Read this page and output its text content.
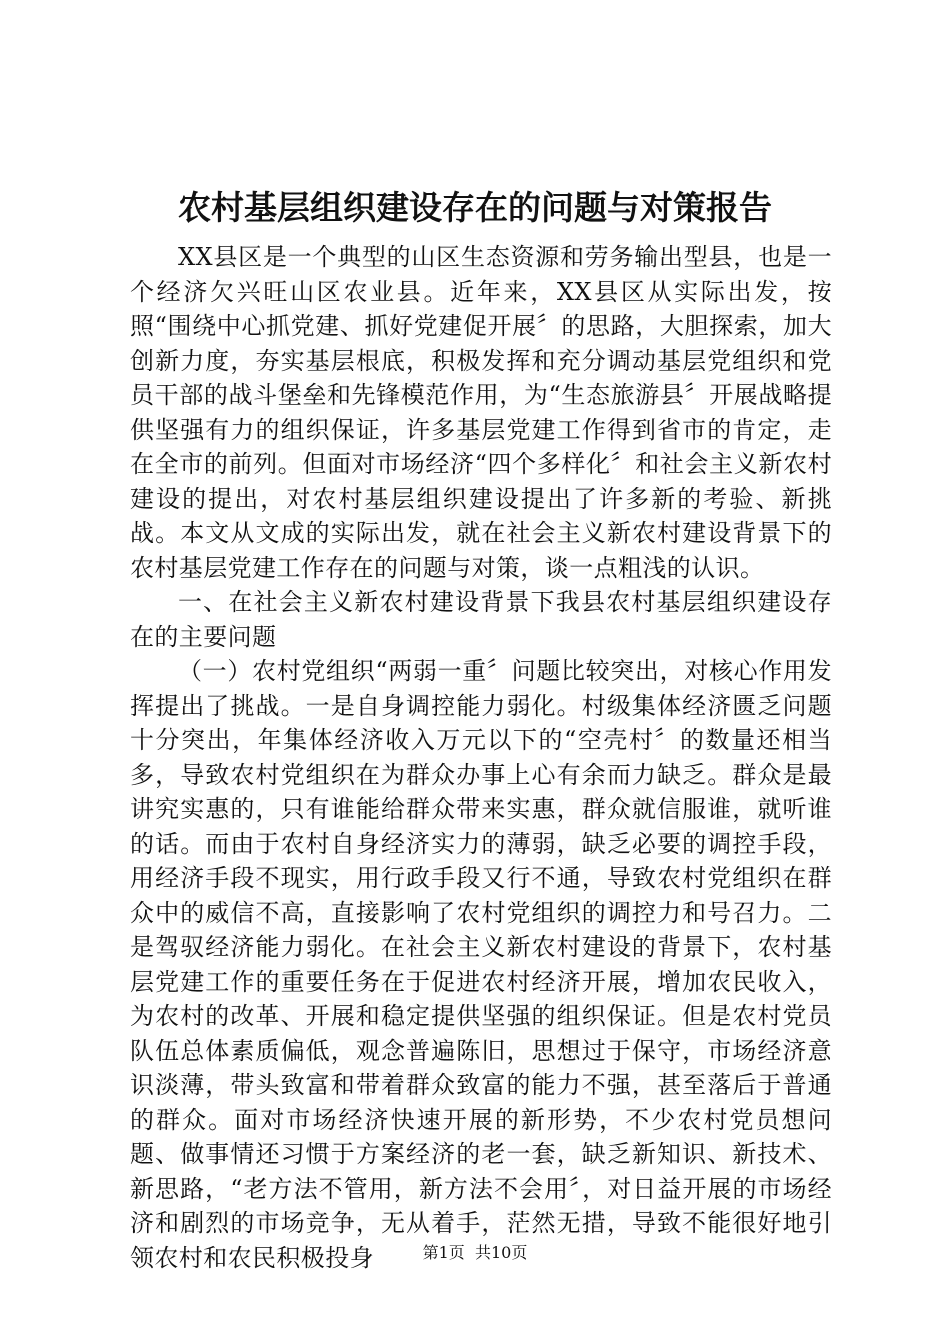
农村基层组织建设存在的问题与对策报告

XX县区是一个典型的山区生态资源和劳务输出型县，也是一个经济欠兴旺山区农业县。近年来，XX县区从实际出发，按照“围绕中心抓党建、抓好党建促开展〞的思路，大胆探索，加大创新力度，夯实基层根底，积极发挥和充分调动基层党组织和党员干部的战斗堡垒和先锋模范作用，为“生态旅游县〞开展战略提供坚强有力的组织保证，许多基层党建工作得到省市的肯定，走在全市的前列。但面对市场经济“四个多样化〞和社会主义新农村建设的提出，对农村基层组织建设提出了许多新的考验、新挑战。本文从文成的实际出发，就在社会主义新农村建设背景下的农村基层党建工作存在的问题与对策，谈一点粗浅的认识。

一、在社会主义新农村建设背景下我县农村基层组织建设存在的主要问题

（一）农村党组织“两弱一重〞问题比较突出，对核心作用发挥提出了挑战。一是自身调控能力弱化。村级集体经济匮乏问题十分突出，年集体经济收入万元以下的“空壳村〞的数量还相当多，导致农村党组织在为群众办事上心有余而力缺乏。群众是最讲究实惠的，只有谁能给群众带来实惠，群众就信服谁，就听谁的话。而由于农村自身经济实力的薄弱，缺乏必要的调控手段，用经济手段不现实，用行政手段又行不通，导致农村党组织在群众中的威信不高，直接影响了农村党组织的调控力和号召力。二是驾驭经济能力弱化。在社会主义新农村建设的背景下，农村基层党建工作的重要任务在于促进农村经济开展，增加农民收入，为农村的改革、开展和稳定提供坚强的组织保证。但是农村党员队伍总体素质偏低，观念普遍陈旧，思想过于保守，市场经济意识淡薄，带头致富和带着群众致富的能力不强，甚至落后于普通的群众。面对市场经济快速开展的新形势，不少农村党员想问题、做事情还习惯于方案经济的老一套，缺乏新知识、新技术、新思路，“老方法不管用，新方法不会用〞，对日益开展的市场经济和剧烈的市场竞争，无从着手，茫然无措，导致不能很好地引领农村和农民积极投身	第1页 共10页
